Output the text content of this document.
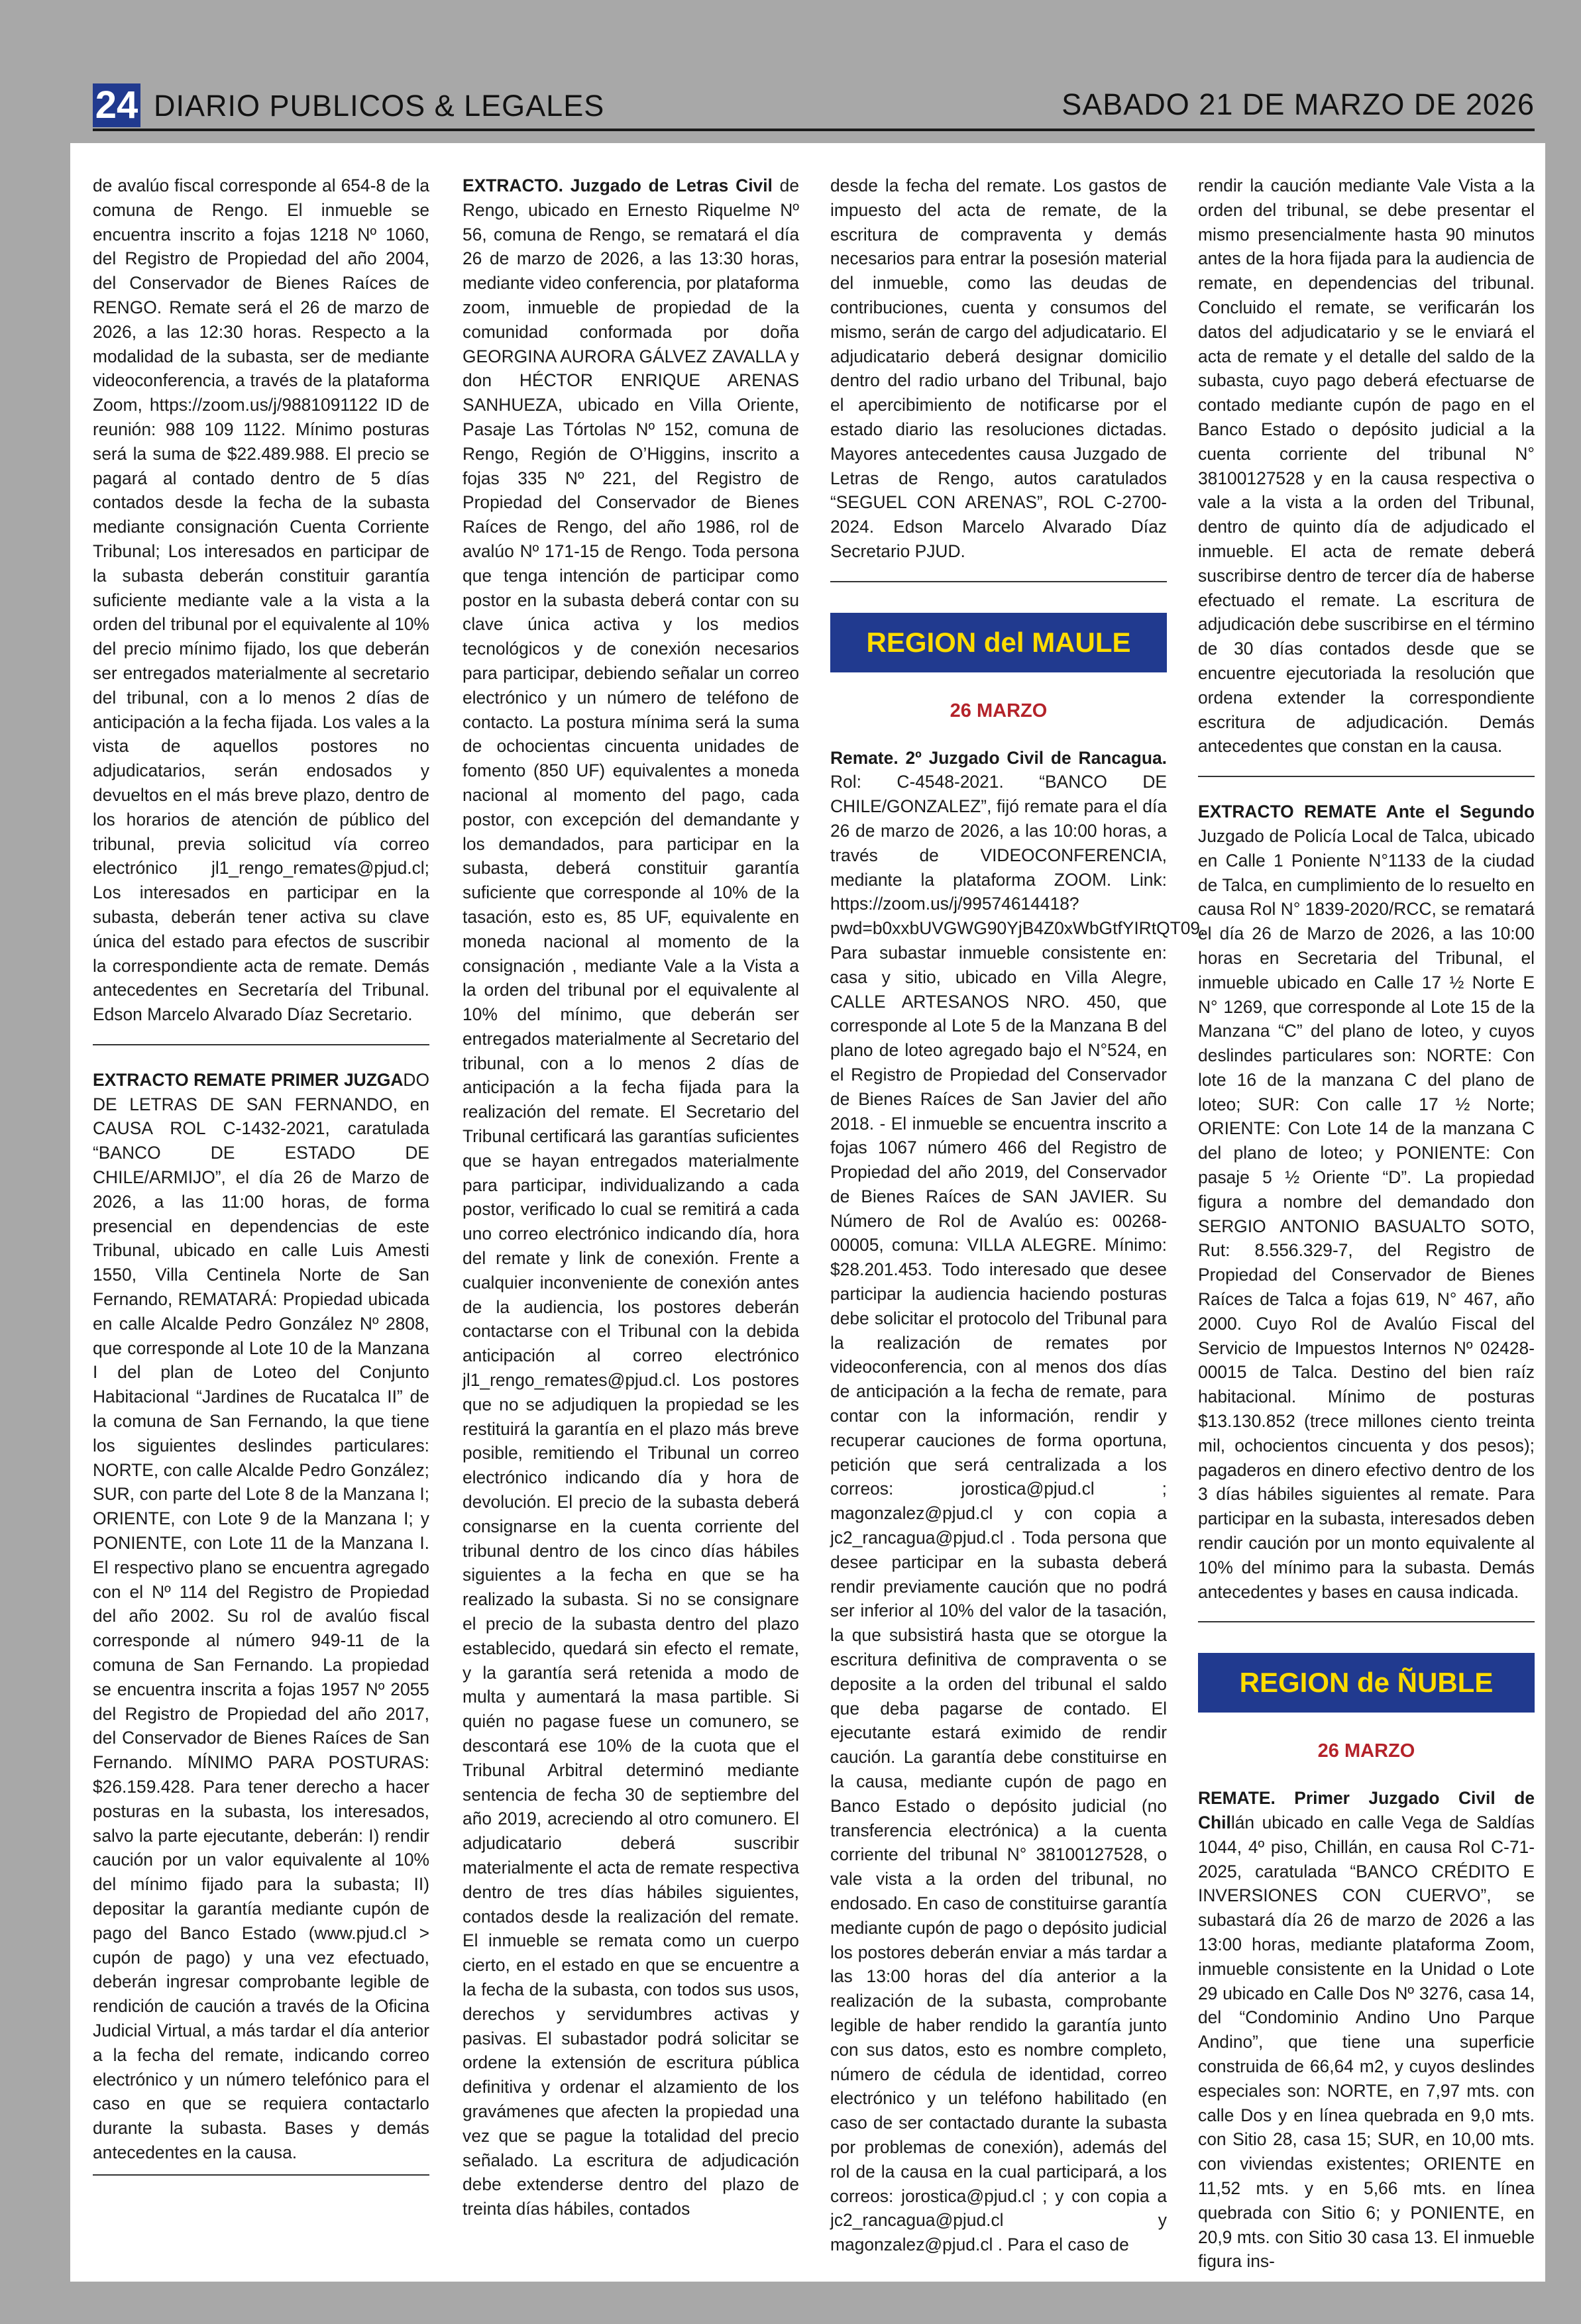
24 DIARIO PUBLICOS & LEGALES	SABADO 21 DE MARZO DE 2026

de avalúo fiscal corresponde al 654-8 de la comuna de Rengo. El inmueble se encuentra inscrito a fojas 1218 Nº 1060, del Registro de Propiedad del año 2004, del Conservador de Bienes Raíces de RENGO. Remate será el 26 de marzo de 2026, a las 12:30 horas. Respecto a la modalidad de la subasta, ser de mediante videoconferencia, a través de la plataforma Zoom, https://zoom.us/j/9881091122 ID de reunión: 988 109 1122. Mínimo posturas será la suma de $22.489.988. El precio se pagará al contado dentro de 5 días contados desde la fecha de la subasta mediante consignación Cuenta Corriente Tribunal; Los interesados en participar de la subasta deberán constituir garantía suficiente mediante vale a la vista a la orden del tribunal por el equivalente al 10% del precio mínimo fijado, los que deberán ser entregados materialmente al secretario del tribunal, con a lo menos 2 días de anticipación a la fecha fijada. Los vales a la vista de aquellos postores no adjudicatarios, serán endosados y devueltos en el más breve plazo, dentro de los horarios de atención de público del tribunal, previa solicitud vía correo electrónico jl1_rengo_remates@pjud.cl; Los interesados en participar en la subasta, deberán tener activa su clave única del estado para efectos de suscribir la correspondiente acta de remate. Demás antecedentes en Secretaría del Tribunal. Edson Marcelo Alvarado Díaz Secretario.

EXTRACTO REMATE PRIMER JUZGADO DE LETRAS DE SAN FERNANDO, en CAUSA ROL C-1432-2021, caratulada “BANCO DE ESTADO DE CHILE/ARMIJO”, el día 26 de Marzo de 2026, a las 11:00 horas, de forma presencial en dependencias de este Tribunal, ubicado en calle Luis Amesti 1550, Villa Centinela Norte de San Fernando, REMATARÁ: Propiedad ubicada en calle Alcalde Pedro González Nº 2808, que corresponde al Lote 10 de la Manzana I del plan de Loteo del Conjunto Habitacional “Jardines de Rucatalca II” de la comuna de San Fernando, la que tiene los siguientes deslindes particulares: NORTE, con calle Alcalde Pedro González; SUR, con parte del Lote 8 de la Manzana I; ORIENTE, con Lote 9 de la Manzana I; y PONIENTE, con Lote 11 de la Manzana I. El respectivo plano se encuentra agregado con el Nº 114 del Registro de Propiedad del año 2002. Su rol de avalúo fiscal corresponde al número 949-11 de la comuna de San Fernando. La propiedad se encuentra inscrita a fojas 1957 Nº 2055 del Registro de Propiedad del año 2017, del Conservador de Bienes Raíces de San Fernando. MÍNIMO PARA POSTURAS: $26.159.428. Para tener derecho a hacer posturas en la subasta, los interesados, salvo la parte ejecutante, deberán: I) rendir caución por un valor equivalente al 10% del mínimo fijado para la subasta; II) depositar la garantía mediante cupón de pago del Banco Estado (www.pjud.cl > cupón de pago) y una vez efectuado, deberán ingresar comprobante legible de rendición de caución a través de la Oficina Judicial Virtual, a más tardar el día anterior a la fecha del remate, indicando correo electrónico y un número telefónico para el caso en que se requiera contactarlo durante la subasta. Bases y demás antecedentes en la causa.

EXTRACTO. Juzgado de Letras Civil de Rengo, ubicado en Ernesto Riquelme Nº 56, comuna de Rengo, se rematará el día 26 de marzo de 2026, a las 13:30 horas, mediante video conferencia, por plataforma zoom, inmueble de propiedad de la comunidad conformada por doña GEORGINA AURORA GÁLVEZ ZAVALLA y don HÉCTOR ENRIQUE ARENAS SANHUEZA, ubicado en Villa Oriente, Pasaje Las Tórtolas Nº 152, comuna de Rengo, Región de O’Higgins, inscrito a fojas 335 Nº 221, del Registro de Propiedad del Conservador de Bienes Raíces de Rengo, del año 1986, rol de avalúo Nº 171-15 de Rengo. Toda persona que tenga intención de participar como postor en la subasta deberá contar con su clave única activa y los medios tecnológicos y de conexión necesarios para participar, debiendo señalar un correo electrónico y un número de teléfono de contacto. La postura mínima será la suma de ochocientas cincuenta unidades de fomento (850 UF) equivalentes a moneda nacional al momento del pago, cada postor, con excepción del demandante y los demandados, para participar en la subasta, deberá constituir garantía suficiente que corresponde al 10% de la tasación, esto es, 85 UF, equivalente en moneda nacional al momento de la consignación , mediante Vale a la Vista a la orden del tribunal por el equivalente al 10% del mínimo, que deberán ser entregados materialmente al Secretario del tribunal, con a lo menos 2 días de anticipación a la fecha fijada para la realización del remate. El Secretario del Tribunal certificará las garantías suficientes que se hayan entregados materialmente para participar, individualizando a cada postor, verificado lo cual se remitirá a cada uno correo electrónico indicando día, hora del remate y link de conexión. Frente a cualquier inconveniente de conexión antes de la audiencia, los postores deberán contactarse con el Tribunal con la debida anticipación al correo electrónico jl1_rengo_remates@pjud.cl. Los postores que no se adjudiquen la propiedad se les restituirá la garantía en el plazo más breve posible, remitiendo el Tribunal un correo electrónico indicando día y hora de devolución. El precio de la subasta deberá consignarse en la cuenta corriente del tribunal dentro de los cinco días hábiles siguientes a la fecha en que se ha realizado la subasta. Si no se consignare el precio de la subasta dentro del plazo establecido, quedará sin efecto el remate, y la garantía será retenida a modo de multa y aumentará la masa partible. Si quién no pagase fuese un comunero, se descontará ese 10% de la cuota que el Tribunal Arbitral determinó mediante sentencia de fecha 30 de septiembre del año 2019, acreciendo al otro comunero. El adjudicatario deberá suscribir materialmente el acta de remate respectiva dentro de tres días hábiles siguientes, contados desde la realización del remate. El inmueble se remata como un cuerpo cierto, en el estado en que se encuentre a la fecha de la subasta, con todos sus usos, derechos y servidumbres activas y pasivas. El subastador podrá solicitar se ordene la extensión de escritura pública definitiva y ordenar el alzamiento de los gravámenes que afecten la propiedad una vez que se pague la totalidad del precio señalado. La escritura de adjudicación debe extenderse dentro del plazo de treinta días hábiles, contados

desde la fecha del remate. Los gastos de impuesto del acta de remate, de la escritura de compraventa y demás necesarios para entrar la posesión material del inmueble, como las deudas de contribuciones, cuenta y consumos del mismo, serán de cargo del adjudicatario. El adjudicatario deberá designar domicilio dentro del radio urbano del Tribunal, bajo el apercibimiento de notificarse por el estado diario las resoluciones dictadas. Mayores antecedentes causa Juzgado de Letras de Rengo, autos caratulados “SEGUEL CON ARENAS”, ROL C-2700-2024. Edson Marcelo Alvarado Díaz Secretario PJUD.

REGION del MAULE
26 MARZO

Remate. 2º Juzgado Civil de Rancagua. Rol: C-4548-2021. “BANCO DE CHILE/GONZALEZ”, fijó remate para el día 26 de marzo de 2026, a las 10:00 horas, a través de VIDEOCONFERENCIA, mediante la plataforma ZOOM. Link: https://zoom.us/j/99574614418? pwd=b0xxbUVGWG90YjB4Z0xWbGtfYIRtQT09. Para subastar inmueble consistente en: casa y sitio, ubicado en Villa Alegre, CALLE ARTESANOS NRO. 450, que corresponde al Lote 5 de la Manzana B del plano de loteo agregado bajo el N°524, en el Registro de Propiedad del Conservador de Bienes Raíces de San Javier del año 2018. - El inmueble se encuentra inscrito a fojas 1067 número 466 del Registro de Propiedad del año 2019, del Conservador de Bienes Raíces de SAN JAVIER. Su Número de Rol de Avalúo es: 00268-00005, comuna: VILLA ALEGRE. Mínimo: $28.201.453. Todo interesado que desee participar la audiencia haciendo posturas debe solicitar el protocolo del Tribunal para la realización de remates por videoconferencia, con al menos dos días de anticipación a la fecha de remate, para contar con la información, rendir y recuperar cauciones de forma oportuna, petición que será centralizada a los correos: jorostica@pjud.cl ; magonzalez@pjud.cl y con copia a jc2_rancagua@pjud.cl . Toda persona que desee participar en la subasta deberá rendir previamente caución que no podrá ser inferior al 10% del valor de la tasación, la que subsistirá hasta que se otorgue la escritura definitiva de compraventa o se deposite a la orden del tribunal el saldo que deba pagarse de contado. El ejecutante estará eximido de rendir caución. La garantía debe constituirse en la causa, mediante cupón de pago en Banco Estado o depósito judicial (no transferencia electrónica) a la cuenta corriente del tribunal N° 38100127528, o vale vista a la orden del tribunal, no endosado. En caso de constituirse garantía mediante cupón de pago o depósito judicial los postores deberán enviar a más tardar a las 13:00 horas del día anterior a la realización de la subasta, comprobante legible de haber rendido la garantía junto con sus datos, esto es nombre completo, número de cédula de identidad, correo electrónico y un teléfono habilitado (en caso de ser contactado durante la subasta por problemas de conexión), además del rol de la causa en la cual participará, a los correos: jorostica@pjud.cl ; y con copia a jc2_rancagua@pjud.cl y magonzalez@pjud.cl . Para el caso de

rendir la caución mediante Vale Vista a la orden del tribunal, se debe presentar el mismo presencialmente hasta 90 minutos antes de la hora fijada para la audiencia de remate, en dependencias del tribunal. Concluido el remate, se verificarán los datos del adjudicatario y se le enviará el acta de remate y el detalle del saldo de la subasta, cuyo pago deberá efectuarse de contado mediante cupón de pago en el Banco Estado o depósito judicial a la cuenta corriente del tribunal N° 38100127528 y en la causa respectiva o vale a la vista a la orden del Tribunal, dentro de quinto día de adjudicado el inmueble. El acta de remate deberá suscribirse dentro de tercer día de haberse efectuado el remate. La escritura de adjudicación debe suscribirse en el término de 30 días contados desde que se encuentre ejecutoriada la resolución que ordena extender la correspondiente escritura de adjudicación. Demás antecedentes que constan en la causa.

EXTRACTO REMATE Ante el Segundo Juzgado de Policía Local de Talca, ubicado en Calle 1 Poniente N°1133 de la ciudad de Talca, en cumplimiento de lo resuelto en causa Rol N° 1839-2020/RCC, se rematará el día 26 de Marzo de 2026, a las 10:00 horas en Secretaria del Tribunal, el inmueble ubicado en Calle 17 ½ Norte E N° 1269, que corresponde al Lote 15 de la Manzana “C” del plano de loteo, y cuyos deslindes particulares son: NORTE: Con lote 16 de la manzana C del plano de loteo; SUR: Con calle 17 ½ Norte; ORIENTE: Con Lote 14 de la manzana C del plano de loteo; y PONIENTE: Con pasaje 5 ½ Oriente “D”. La propiedad figura a nombre del demandado don SERGIO ANTONIO BASUALTO SOTO, Rut: 8.556.329-7, del Registro de Propiedad del Conservador de Bienes Raíces de Talca a fojas 619, N° 467, año 2000. Cuyo Rol de Avalúo Fiscal del Servicio de Impuestos Internos Nº 02428-00015 de Talca. Destino del bien raíz habitacional. Mínimo de posturas $13.130.852 (trece millones ciento treinta mil, ochocientos cincuenta y dos pesos); pagaderos en dinero efectivo dentro de los 3 días hábiles siguientes al remate. Para participar en la subasta, interesados deben rendir caución por un monto equivalente al 10% del mínimo para la subasta. Demás antecedentes y bases en causa indicada.

REGION de ÑUBLE
26 MARZO

REMATE. Primer Juzgado Civil de Chillán ubicado en calle Vega de Saldías 1044, 4º piso, Chillán, en causa Rol C-71-2025, caratulada “BANCO CRÉDITO E INVERSIONES CON CUERVO”, se subastará día 26 de marzo de 2026 a las 13:00 horas, mediante plataforma Zoom, inmueble consistente en la Unidad o Lote 29 ubicado en Calle Dos Nº 3276, casa 14, del “Condominio Andino Uno Parque Andino”, que tiene una superficie construida de 66,64 m2, y cuyos deslindes especiales son: NORTE, en 7,97 mts. con calle Dos y en línea quebrada en 9,0 mts. con Sitio 28, casa 15; SUR, en 10,00 mts. con viviendas existentes; ORIENTE en 11,52 mts. y en 5,66 mts. en línea quebrada con Sitio 6; y PONIENTE, en 20,9 mts. con Sitio 30 casa 13. El inmueble figura ins-
